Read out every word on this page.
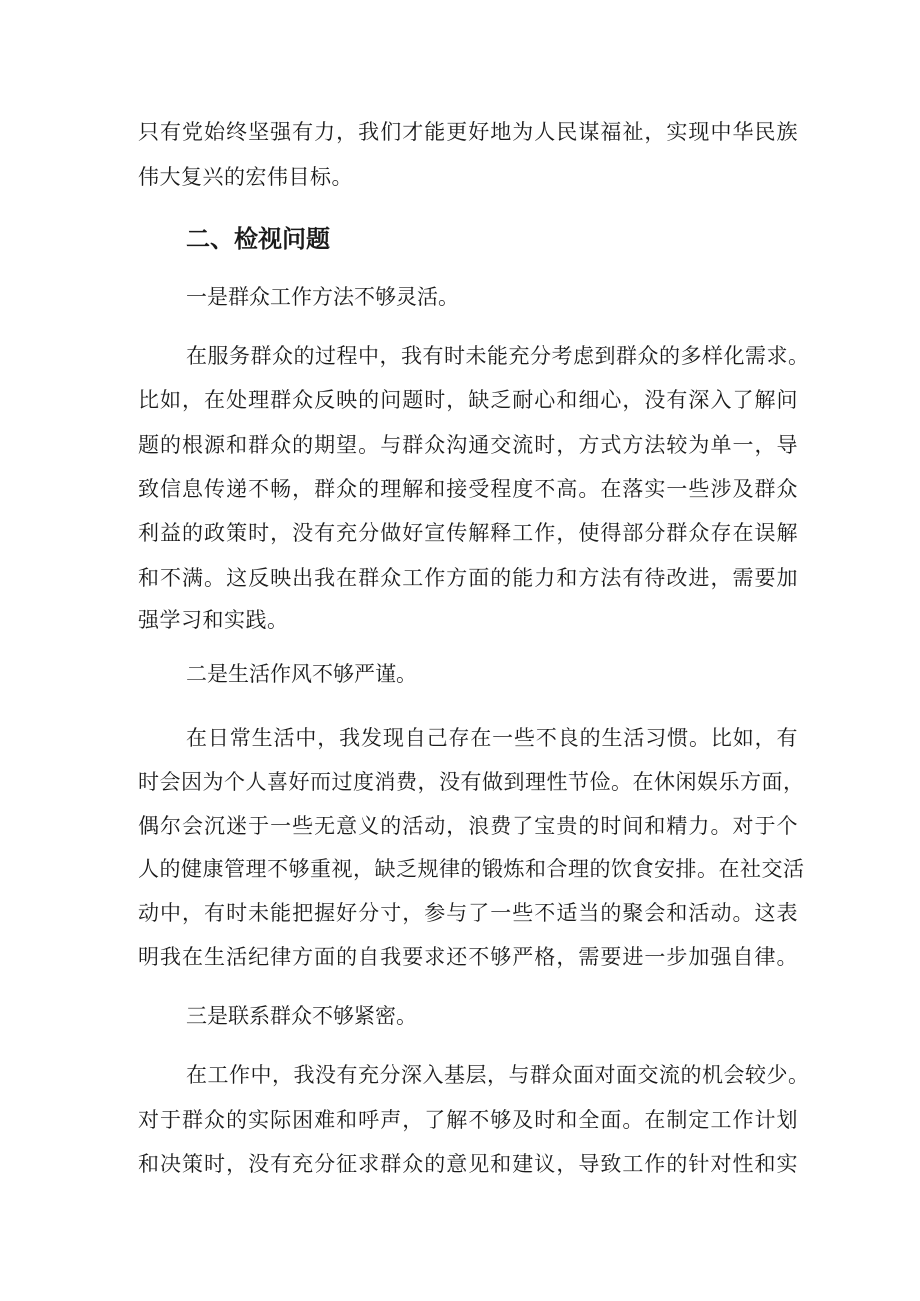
只有党始终坚强有力，我们才能更好地为人民谋福祉，实现中华民族
伟大复兴的宏伟目标。
二、检视问题
一是群众工作方法不够灵活。
在服务群众的过程中，我有时未能充分考虑到群众的多样化需求。
比如，在处理群众反映的问题时，缺乏耐心和细心，没有深入了解问
题的根源和群众的期望。与群众沟通交流时，方式方法较为单一，导
致信息传递不畅，群众的理解和接受程度不高。在落实一些涉及群众
利益的政策时，没有充分做好宣传解释工作，使得部分群众存在误解
和不满。这反映出我在群众工作方面的能力和方法有待改进，需要加
强学习和实践。
二是生活作风不够严谨。
在日常生活中，我发现自己存在一些不良的生活习惯。比如，有
时会因为个人喜好而过度消费，没有做到理性节俭。在休闲娱乐方面，
偶尔会沉迷于一些无意义的活动，浪费了宝贵的时间和精力。对于个
人的健康管理不够重视，缺乏规律的锻炼和合理的饮食安排。在社交活
动中，有时未能把握好分寸，参与了一些不适当的聚会和活动。这表
明我在生活纪律方面的自我要求还不够严格，需要进一步加强自律。
三是联系群众不够紧密。
在工作中，我没有充分深入基层，与群众面对面交流的机会较少。
对于群众的实际困难和呼声，了解不够及时和全面。在制定工作计划
和决策时，没有充分征求群众的意见和建议，导致工作的针对性和实
